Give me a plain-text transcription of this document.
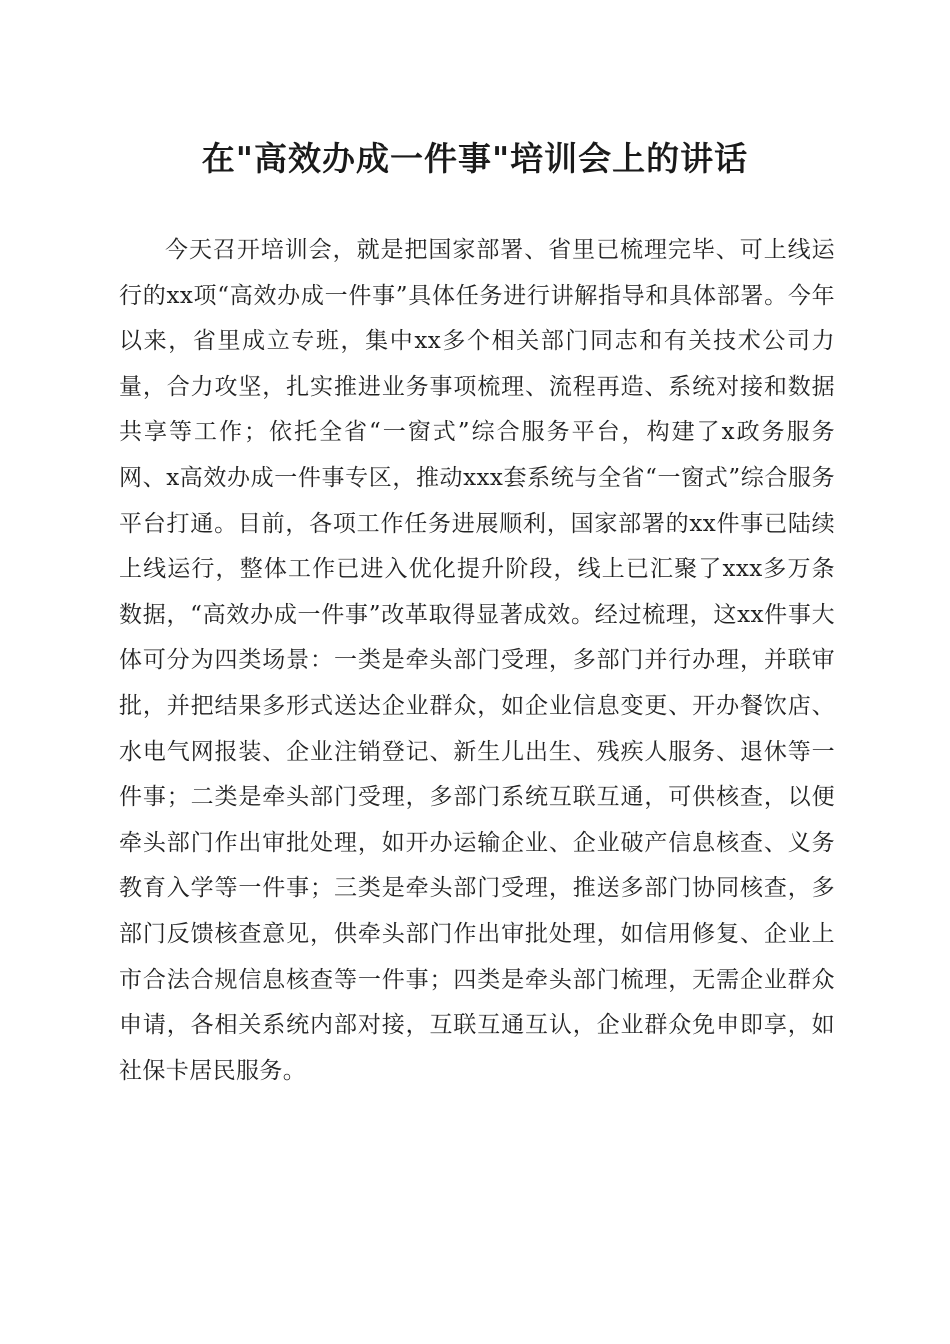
在"高效办成一件事"培训会上的讲话

今天召开培训会，就是把国家部署、省里已梳理完毕、可上线运行的xx项“高效办成一件事”具体任务进行讲解指导和具体部署。今年以来，省里成立专班，集中xx多个相关部门同志和有关技术公司力量，合力攻坚，扎实推进业务事项梳理、流程再造、系统对接和数据共享等工作；依托全省“一窗式”综合服务平台，构建了x政务服务网、x高效办成一件事专区，推动xxx套系统与全省“一窗式”综合服务平台打通。目前，各项工作任务进展顺利，国家部署的xx件事已陆续上线运行，整体工作已进入优化提升阶段，线上已汇聚了xxx多万条数据，“高效办成一件事”改革取得显著成效。经过梳理，这xx件事大体可分为四类场景：一类是牵头部门受理，多部门并行办理，并联审批，并把结果多形式送达企业群众，如企业信息变更、开办餐饮店、水电气网报装、企业注销登记、新生儿出生、残疾人服务、退休等一件事；二类是牵头部门受理，多部门系统互联互通，可供核查，以便牵头部门作出审批处理，如开办运输企业、企业破产信息核查、义务教育入学等一件事；三类是牵头部门受理，推送多部门协同核查，多部门反馈核查意见，供牵头部门作出审批处理，如信用修复、企业上市合法合规信息核查等一件事；四类是牵头部门梳理，无需企业群众申请，各相关系统内部对接，互联互通互认，企业群众免申即享，如社保卡居民服务。
